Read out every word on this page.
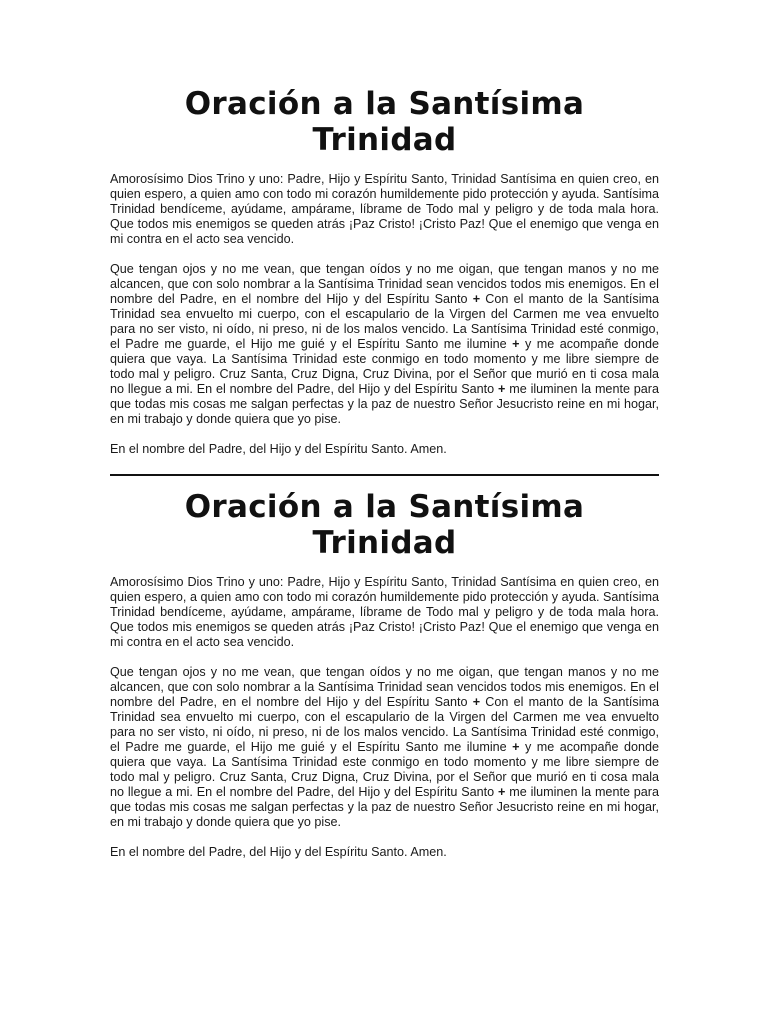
Oración a la Santísima
Trinidad

Amorosísimo Dios Trino y uno: Padre, Hijo y Espíritu Santo, Trinidad Santísima en quien creo, en quien espero, a quien amo con todo mi corazón humildemente pido protección y ayuda. Santísima Trinidad bendíceme, ayúdame, ampárame, líbrame de Todo mal y peligro y de toda mala hora. Que todos mis enemigos se queden atrás ¡Paz Cristo! ¡Cristo Paz! Que el enemigo que venga en mi contra en el acto sea vencido.

Que tengan ojos y no me vean, que tengan oídos y no me oigan, que tengan manos y no me alcancen, que con solo nombrar a la Santísima Trinidad sean vencidos todos mis enemigos. En el nombre del Padre, en el nombre del Hijo y del Espíritu Santo + Con el manto de la Santísima Trinidad sea envuelto mi cuerpo, con el escapulario de la Virgen del Carmen me vea envuelto para no ser visto, ni oído, ni preso, ni de los malos vencido. La Santísima Trinidad esté conmigo, el Padre me guarde, el Hijo me guié y el Espíritu Santo me ilumine + y me acompañe donde quiera que vaya. La Santísima Trinidad este conmigo en todo momento y me libre siempre de todo mal y peligro. Cruz Santa, Cruz Digna, Cruz Divina, por el Señor que murió en ti cosa mala no llegue a mi. En el nombre del Padre, del Hijo y del Espíritu Santo + me iluminen la mente para que todas mis cosas me salgan perfectas y la paz de nuestro Señor Jesucristo reine en mi hogar, en mi trabajo y donde quiera que yo pise.

En el nombre del Padre, del Hijo y del Espíritu Santo. Amen.

Oración a la Santísima
Trinidad

Amorosísimo Dios Trino y uno: Padre, Hijo y Espíritu Santo, Trinidad Santísima en quien creo, en quien espero, a quien amo con todo mi corazón humildemente pido protección y ayuda. Santísima Trinidad bendíceme, ayúdame, ampárame, líbrame de Todo mal y peligro y de toda mala hora. Que todos mis enemigos se queden atrás ¡Paz Cristo! ¡Cristo Paz! Que el enemigo que venga en mi contra en el acto sea vencido.

Que tengan ojos y no me vean, que tengan oídos y no me oigan, que tengan manos y no me alcancen, que con solo nombrar a la Santísima Trinidad sean vencidos todos mis enemigos. En el nombre del Padre, en el nombre del Hijo y del Espíritu Santo + Con el manto de la Santísima Trinidad sea envuelto mi cuerpo, con el escapulario de la Virgen del Carmen me vea envuelto para no ser visto, ni oído, ni preso, ni de los malos vencido. La Santísima Trinidad esté conmigo, el Padre me guarde, el Hijo me guié y el Espíritu Santo me ilumine + y me acompañe donde quiera que vaya. La Santísima Trinidad este conmigo en todo momento y me libre siempre de todo mal y peligro. Cruz Santa, Cruz Digna, Cruz Divina, por el Señor que murió en ti cosa mala no llegue a mi. En el nombre del Padre, del Hijo y del Espíritu Santo + me iluminen la mente para que todas mis cosas me salgan perfectas y la paz de nuestro Señor Jesucristo reine en mi hogar, en mi trabajo y donde quiera que yo pise.

En el nombre del Padre, del Hijo y del Espíritu Santo. Amen.
